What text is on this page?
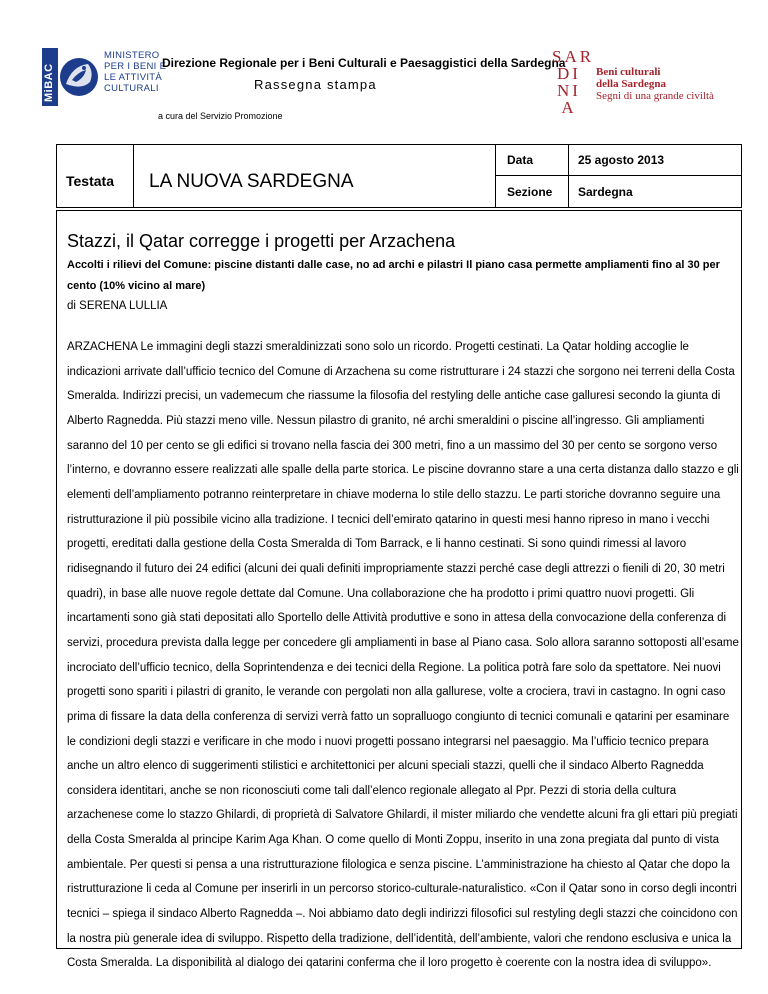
MiBAC
MINISTERO
PER I BENI E
LE ATTIVITÀ
CULTURALI
Direzione Regionale per i Beni Culturali e Paesaggistici della Sardegna
Rassegna stampa
a cura del Servizio Promozione
SAR
DI
NI
A
Beni culturali
della Sardegna
Segni di una grande civiltà
Testata LA NUOVA SARDEGNA
Data	25 agosto 2013
Sezione Sardegna
Stazzi, il Qatar corregge i progetti per Arzachena
Accolti i rilievi del Comune: piscine distanti dalle case, no ad archi e pilastri Il piano casa permette ampliamenti fino al 30 per cento (10% vicino al mare)
di SERENA LULLIA
ARZACHENA Le immagini degli stazzi smeraldinizzati sono solo un ricordo. Progetti cestinati. La Qatar holding accoglie le indicazioni arrivate dall’ufficio tecnico del Comune di Arzachena su come ristrutturare i 24 stazzi che sorgono nei terreni della Costa Smeralda. Indirizzi precisi, un vademecum che riassume la filosofia del restyling delle antiche case galluresi secondo la giunta di Alberto Ragnedda. Più stazzi meno ville. Nessun pilastro di granito, né archi smeraldini o piscine all’ingresso. Gli ampliamenti saranno del 10 per cento se gli edifici si trovano nella fascia dei 300 metri, fino a un massimo del 30 per cento se sorgono verso l’interno, e dovranno essere realizzati alle spalle della parte storica. Le piscine dovranno stare a una certa distanza dallo stazzo e gli elementi dell’ampliamento potranno reinterpretare in chiave moderna lo stile dello stazzu. Le parti storiche dovranno seguire una ristrutturazione il più possibile vicino alla tradizione. I tecnici dell’emirato qatarino in questi mesi hanno ripreso in mano i vecchi progetti, ereditati dalla gestione della Costa Smeralda di Tom Barrack, e li hanno cestinati. Si sono quindi rimessi al lavoro ridisegnando il futuro dei 24 edifici (alcuni dei quali definiti impropriamente stazzi perché case degli attrezzi o fienili di 20, 30 metri quadri), in base alle nuove regole dettate dal Comune. Una collaborazione che ha prodotto i primi quattro nuovi progetti. Gli incartamenti sono già stati depositati allo Sportello delle Attività produttive e sono in attesa della convocazione della conferenza di servizi, procedura prevista dalla legge per concedere gli ampliamenti in base al Piano casa. Solo allora saranno sottoposti all’esame incrociato dell’ufficio tecnico, della Soprintendenza e dei tecnici della Regione. La politica potrà fare solo da spettatore. Nei nuovi progetti sono spariti i pilastri di granito, le verande con pergolati non alla gallurese, volte a crociera, travi in castagno. In ogni caso prima di fissare la data della conferenza di servizi verrà fatto un sopralluogo congiunto di tecnici comunali e qatarini per esaminare le condizioni degli stazzi e verificare in che modo i nuovi progetti possano integrarsi nel paesaggio. Ma l’ufficio tecnico prepara anche un altro elenco di suggerimenti stilistici e architettonici per alcuni speciali stazzi, quelli che il sindaco Alberto Ragnedda considera identitari, anche se non riconosciuti come tali dall’elenco regionale allegato al Ppr. Pezzi di storia della cultura arzachenese come lo stazzo Ghilardi, di proprietà di Salvatore Ghilardi, il mister miliardo che vendette alcuni fra gli ettari più pregiati della Costa Smeralda al principe Karim Aga Khan. O come quello di Monti Zoppu, inserito in una zona pregiata dal punto di vista ambientale. Per questi si pensa a una ristrutturazione filologica e senza piscine. L’amministrazione ha chiesto al Qatar che dopo la ristrutturazione li ceda al Comune per inserirli in un percorso storico-culturale-naturalistico. «Con il Qatar sono in corso degli incontri tecnici – spiega il sindaco Alberto Ragnedda –. Noi abbiamo dato degli indirizzi filosofici sul restyling degli stazzi che coincidono con la nostra più generale idea di sviluppo. Rispetto della tradizione, dell’identità, dell’ambiente, valori che rendono esclusiva e unica la Costa Smeralda. La disponibilità al dialogo dei qatarini conferma che il loro progetto è coerente con la nostra idea di sviluppo».
